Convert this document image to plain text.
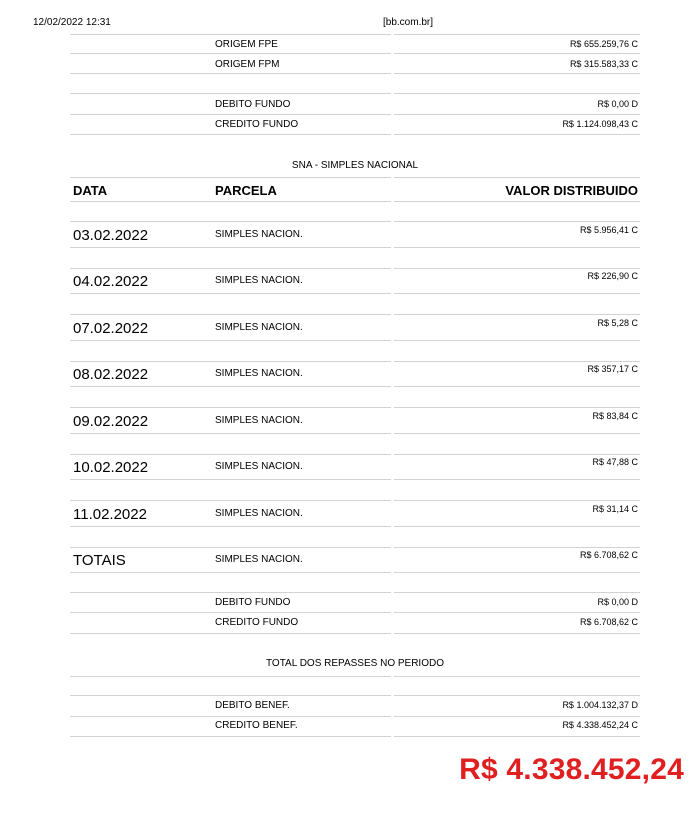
12/02/2022 12:31	[bb.com.br]
ORIGEM FPE	R$ 655.259,76 C
ORIGEM FPM	R$ 315.583,33 C
DEBITO FUNDO	R$ 0,00 D
CREDITO FUNDO	R$ 1.124.098,43 C
SNA - SIMPLES NACIONAL
DATA	PARCELA	VALOR DISTRIBUIDO
03.02.2022	SIMPLES NACION.	R$ 5.956,41 C
04.02.2022	SIMPLES NACION.	R$ 226,90 C
07.02.2022	SIMPLES NACION.	R$ 5,28 C
08.02.2022	SIMPLES NACION.	R$ 357,17 C
09.02.2022	SIMPLES NACION.	R$ 83,84 C
10.02.2022	SIMPLES NACION.	R$ 47,88 C
11.02.2022	SIMPLES NACION.	R$ 31,14 C
TOTAIS	SIMPLES NACION.	R$ 6.708,62 C
DEBITO FUNDO	R$ 0,00 D
CREDITO FUNDO	R$ 6.708,62 C
TOTAL DOS REPASSES NO PERIODO
DEBITO BENEF.	R$ 1.004.132,37 D
CREDITO BENEF.	R$ 4.338.452,24 C
R$ 4.338.452,24
